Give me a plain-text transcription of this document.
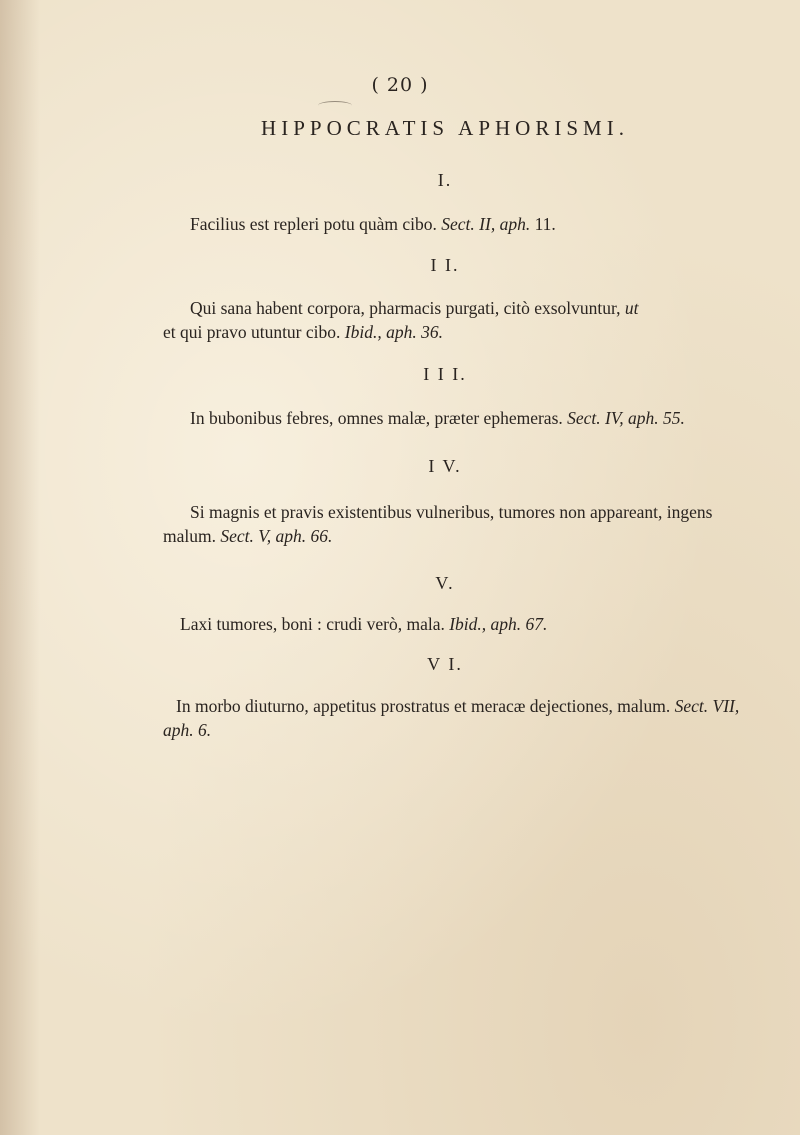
( 20 )
HIPPOCRATIS APHORISMI.
I.
Facilius est repleri potu quàm cibo. Sect. II, aph. 11.
I I.
Qui sana habent corpora, pharmacis purgati, citò exsolvuntur, ut
et qui pravo utuntur cibo. Ibid., aph. 36.
I I I.
In bubonibus febres, omnes malæ, præter ephemeras. Sect. IV, aph. 55.
I V.
Si magnis et pravis existentibus vulneribus, tumores non appareant, ingens malum. Sect. V, aph. 66.
V.
Laxi tumores, boni : crudi verò, mala. Ibid., aph. 67.
V I.
In morbo diuturno, appetitus prostratus et meracæ dejectiones, malum. Sect. VII, aph. 6.
